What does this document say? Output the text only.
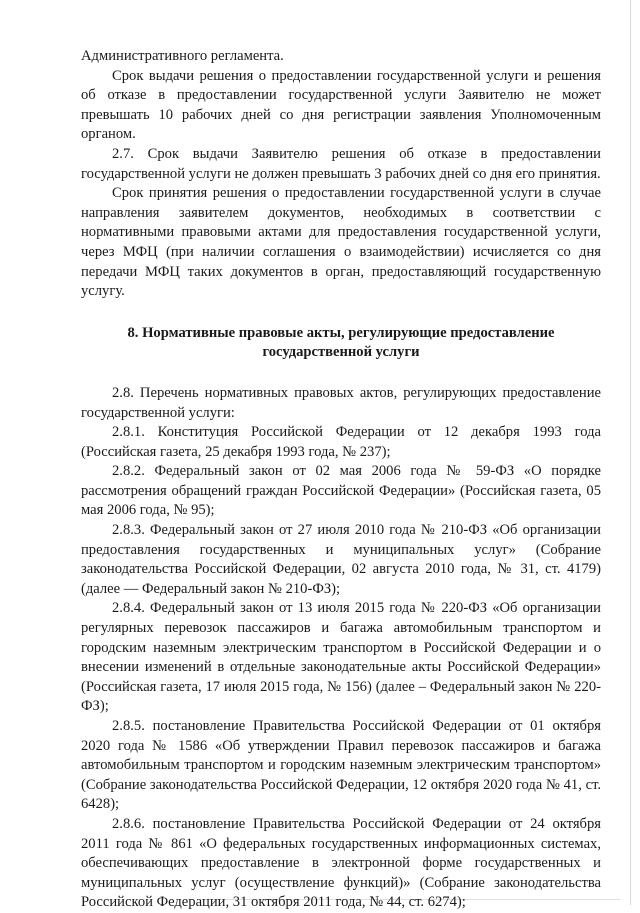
Административного регламента.

Срок выдачи решения о предоставлении государственной услуги и решения об отказе в предоставлении государственной услуги Заявителю не может превышать 10 рабочих дней со дня регистрации заявления Уполномоченным органом.

2.7. Срок выдачи Заявителю решения об отказе в предоставлении государственной услуги не должен превышать 3 рабочих дней со дня его принятия.

Срок принятия решения о предоставлении государственной услуги в случае направления заявителем документов, необходимых в соответствии с нормативными правовыми актами для предоставления государственной услуги, через МФЦ (при наличии соглашения о взаимодействии) исчисляется со дня передачи МФЦ таких документов в орган, предоставляющий государственную услугу.

8. Нормативные правовые акты, регулирующие предоставление государственной услуги

2.8. Перечень нормативных правовых актов, регулирующих предоставление государственной услуги:

2.8.1. Конституция Российской Федерации от 12 декабря 1993 года (Российская газета, 25 декабря 1993 года, № 237);

2.8.2. Федеральный закон от 02 мая 2006 года № 59-ФЗ «О порядке рассмотрения обращений граждан Российской Федерации» (Российская газета, 05 мая 2006 года, № 95);

2.8.3. Федеральный закон от 27 июля 2010 года № 210-ФЗ «Об организации предоставления государственных и муниципальных услуг» (Собрание законодательства Российской Федерации, 02 августа 2010 года, № 31, ст. 4179) (далее — Федеральный закон № 210-ФЗ);

2.8.4. Федеральный закон от 13 июля 2015 года № 220-ФЗ «Об организации регулярных перевозок пассажиров и багажа автомобильным транспортом и городским наземным электрическим транспортом в Российской Федерации и о внесении изменений в отдельные законодательные акты Российской Федерации» (Российская газета, 17 июля 2015 года, № 156) (далее – Федеральный закон № 220-ФЗ);

2.8.5. постановление Правительства Российской Федерации от 01 октября 2020 года № 1586 «Об утверждении Правил перевозок пассажиров и багажа автомобильным транспортом и городским наземным электрическим транспортом» (Собрание законодательства Российской Федерации, 12 октября 2020 года № 41, ст. 6428);

2.8.6. постановление Правительства Российской Федерации от 24 октября 2011 года № 861 «О федеральных государственных информационных системах, обеспечивающих предоставление в электронной форме государственных и муниципальных услуг (осуществление функций)» (Собрание законодательства Российской Федерации, 31 октября 2011 года, № 44, ст. 6274);
